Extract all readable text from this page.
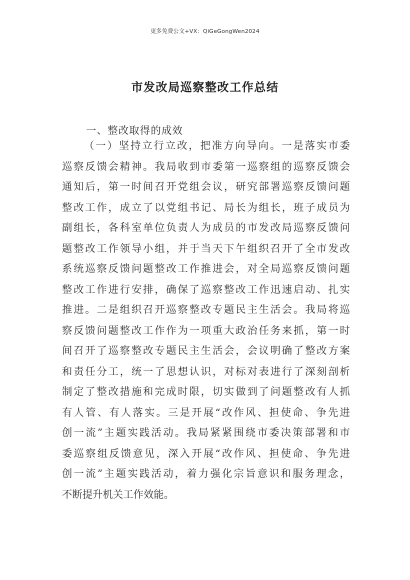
更多免费公文+VX：QiGeGongWen2024
市发改局巡察整改工作总结
一、整改取得的成效
（一）坚持立行立改，把准方向导向。一是落实市委
巡察反馈会精神。我局收到市委第一巡察组的巡察反馈会
通知后，第一时间召开党组会议，研究部署巡察反馈问题
整改工作，成立了以党组书记、局长为组长，班子成员为
副组长，各科室单位负责人为成员的市发改局巡察反馈问
题整改工作领导小组，并于当天下午组织召开了全市发改
系统巡察反馈问题整改工作推进会，对全局巡察反馈问题
整改工作进行安排，确保了巡察整改工作迅速启动、扎实
推进。二是组织召开巡察整改专题民主生活会。我局将巡
察反馈问题整改工作作为一项重大政治任务来抓，第一时
间召开了巡察整改专题民主生活会，会议明确了整改方案
和责任分工，统一了思想认识，对标对表进行了深刻剖析
制定了整改措施和完成时限，切实做到了问题整改有人抓
有人管、有人落实。三是开展“改作风、担使命、争先进
创一流”主题实践活动。我局紧紧围绕市委决策部署和市
委巡察组反馈意见，深入开展“改作风、担使命、争先进
创一流”主题实践活动，着力强化宗旨意识和服务理念，
不断提升机关工作效能。
